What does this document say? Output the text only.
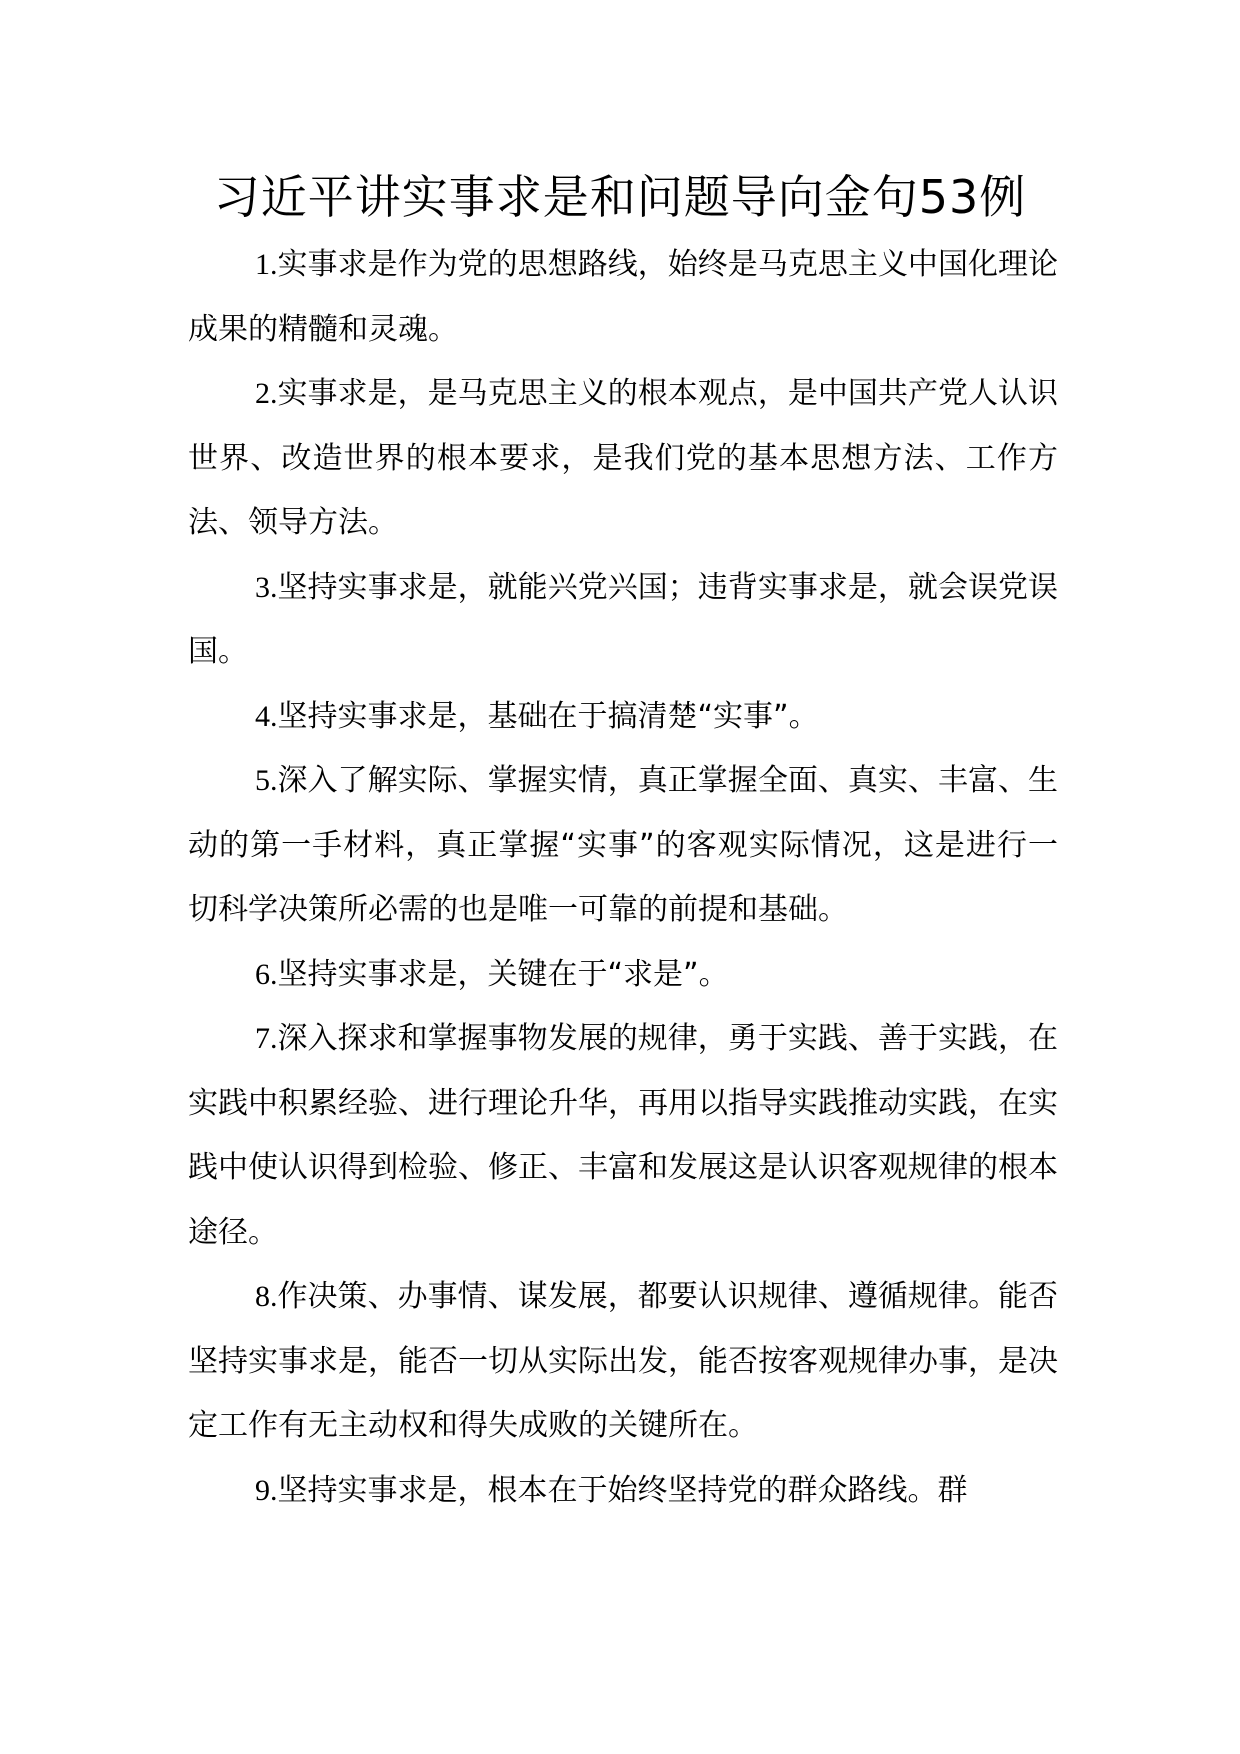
习近平讲实事求是和问题导向金句53例

1.实事求是作为党的思想路线，始终是马克思主义中国化理论成果的精髓和灵魂。

2.实事求是，是马克思主义的根本观点，是中国共产党人认识世界、改造世界的根本要求，是我们党的基本思想方法、工作方法、领导方法。

3.坚持实事求是，就能兴党兴国；违背实事求是，就会误党误国。

4.坚持实事求是，基础在于搞清楚“实事”。

5.深入了解实际、掌握实情，真正掌握全面、真实、丰富、生动的第一手材料，真正掌握“实事”的客观实际情况，这是进行一切科学决策所必需的也是唯一可靠的前提和基础。

6.坚持实事求是，关键在于“求是”。

7.深入探求和掌握事物发展的规律，勇于实践、善于实践，在实践中积累经验、进行理论升华，再用以指导实践推动实践，在实践中使认识得到检验、修正、丰富和发展这是认识客观规律的根本途径。

8.作决策、办事情、谋发展，都要认识规律、遵循规律。能否坚持实事求是，能否一切从实际出发，能否按客观规律办事，是决定工作有无主动权和得失成败的关键所在。

9.坚持实事求是，根本在于始终坚持党的群众路线。群
